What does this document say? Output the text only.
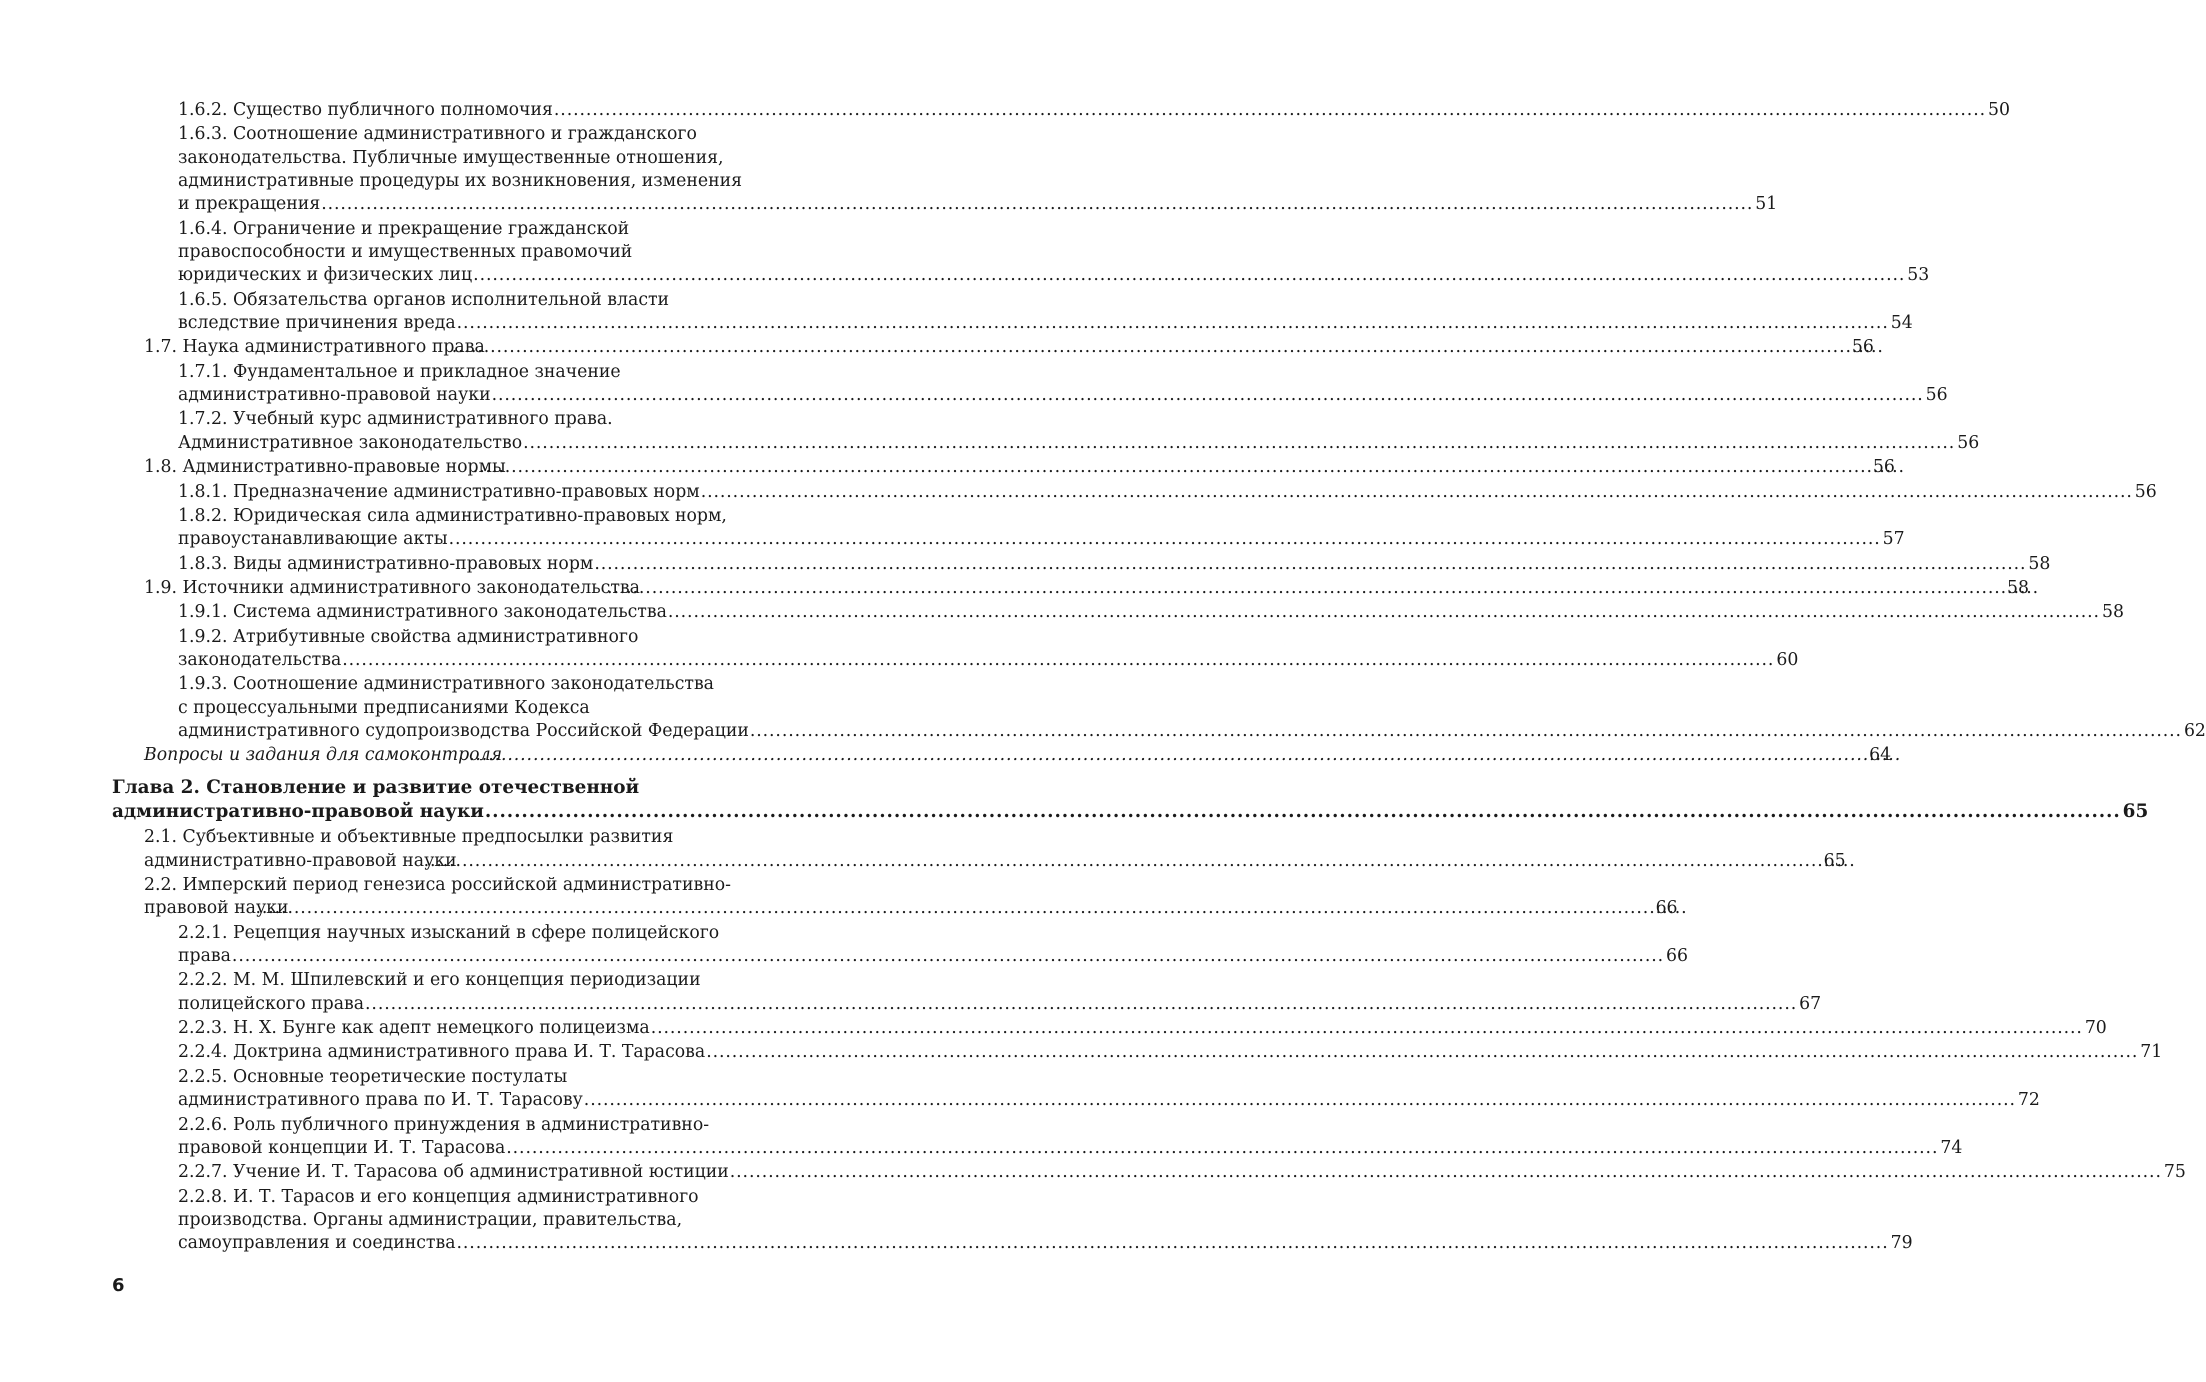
1.6.2. Существо публичного полномочия .....	50
1.6.3. Соотношение административного и гражданского
законодательства. Публичные имущественные отношения,
административные процедуры их возникновения, изменения
и прекращения .....	51
1.6.4. Ограничение и прекращение гражданской
правоспособности и имущественных правомочий
юридических и физических лиц .....	53
1.6.5. Обязательства органов исполнительной власти
вследствие причинения вреда .....	54
1.7. Наука административного права .....	56
1.7.1. Фундаментальное и прикладное значение
административно-правовой науки .....	56
1.7.2. Учебный курс административного права.
Административное законодательство .....	56
1.8. Административно-правовые нормы .....	56
1.8.1. Предназначение административно-правовых норм .....	56
1.8.2. Юридическая сила административно-правовых норм,
правоустанавливающие акты .....	57
1.8.3. Виды административно-правовых норм .....	58
1.9. Источники административного законодательства .....	58
1.9.1. Система административного законодательства .....	58
1.9.2. Атрибутивные свойства административного
законодательства .....	60
1.9.3. Соотношение административного законодательства
с процессуальными предписаниями Кодекса
административного судопроизводства Российской Федерации .....	62
Вопросы и задания для самоконтроля .....	64
Глава 2. Становление и развитие отечественной
административно-правовой науки .....	65
2.1. Субъективные и объективные предпосылки развития
административно-правовой науки .....	65
2.2. Имперский период генезиса российской административно-
правовой науки .....	66
2.2.1. Рецепция научных изысканий в сфере полицейского
права .....	66
2.2.2. М. М. Шпилевский и его концепция периодизации
полицейского права .....	67
2.2.3. Н. Х. Бунге как адепт немецкого полицеизма .....	70
2.2.4. Доктрина административного права И. Т. Тарасова .....	71
2.2.5. Основные теоретические постулаты
административного права по И. Т. Тарасову .....	72
2.2.6. Роль публичного принуждения в административно-
правовой концепции И. Т. Тарасова .....	74
2.2.7. Учение И. Т. Тарасова об административной юстиции .....	75
2.2.8. И. Т. Тарасов и его концепция административного
производства. Органы администрации, правительства,
самоуправления и соединства .....	79
6
